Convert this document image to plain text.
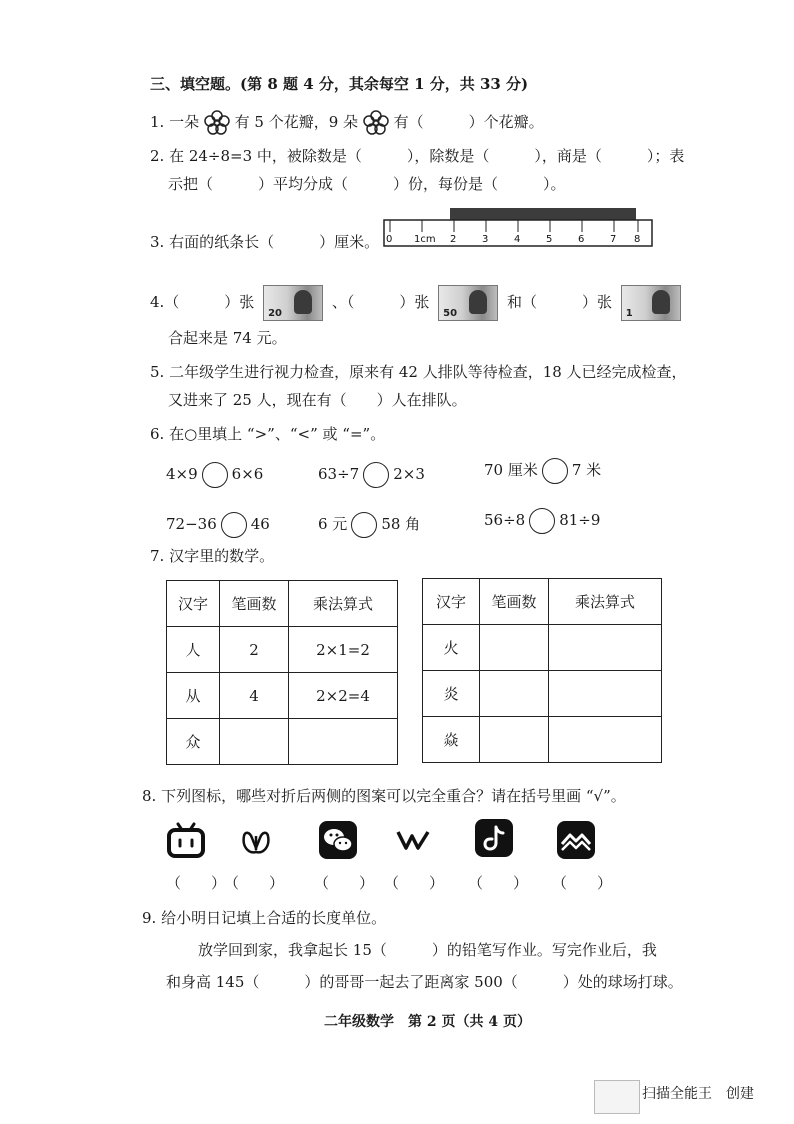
三、填空题。(第 8 题 4 分，其余每空 1 分，共 33 分)
1. 一朵 有 5 个花瓣，9 朵 有（　　　）个花瓣。
2. 在 24÷8=3 中，被除数是（　　　），除数是（　　　），商是（　　　）；表
示把（　　　）平均分成（　　　）份，每份是（　　　）。
3. 右面的纸条长（　　　）厘米。 0 1cm 2	3	4	5	6	7 8
4.（　　　）张
20
、（　　　）张
50
和（　　　）张
1
合起来是 74 元。
5. 二年级学生进行视力检查，原来有 42 人排队等待检查，18 人已经完成检查，
又进来了 25 人，现在有（　　）人在排队。
6. 在○里填上 “>”、“<” 或 “=”。
4×9 6×6	63÷7 2×3	70 厘米 7 米
72−36 46	6 元 58 角	56÷8 81÷9
7. 汉字里的数学。
汉字	笔画数	乘法算式
人	2	2×1=2
从	4	2×2=4
众		
汉字	笔画数	乘法算式
火		
炎		
焱		
8. 下列图标，哪些对折后两侧的图案可以完全重合？请在括号里画 “√”。
（　　）
（　　） （　　） （　　） （　　） （　　）
9. 给小明日记填上合适的长度单位。
放学回到家，我拿起长 15（　　　）的铅笔写作业。写完作业后，我
和身高 145（　　　）的哥哥一起去了距离家 500（　　　）处的球场打球。
二年级数学　第 2 页（共 4 页）
扫描全能王　创建
